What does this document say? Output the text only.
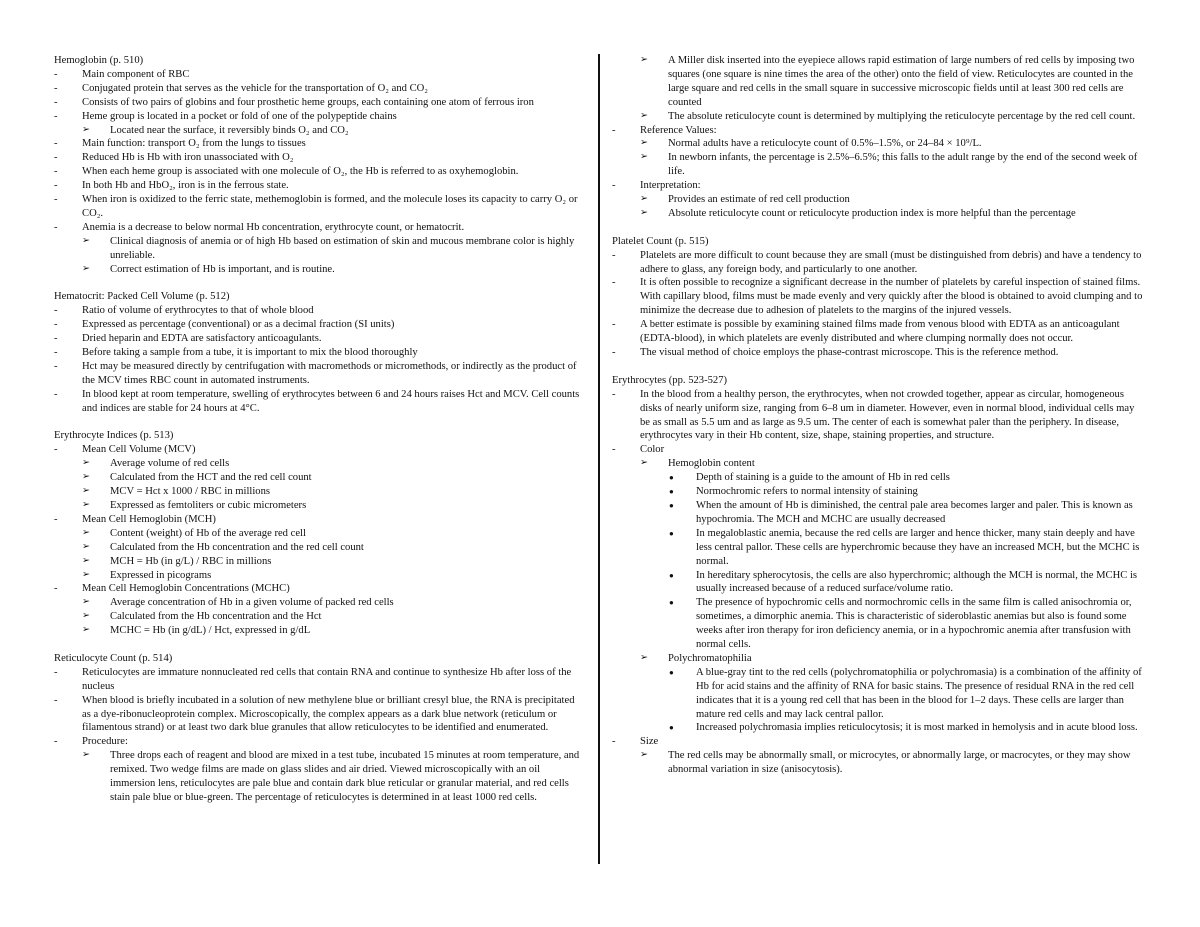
Hemoglobin (p. 510)
- Main component of RBC
- Conjugated protein that serves as the vehicle for the transportation of O₂ and CO₂
- Consists of two pairs of globins and four prosthetic heme groups, each containing one atom of ferrous iron
- Heme group is located in a pocket or fold of one of the polypeptide chains
➢ Located near the surface, it reversibly binds O₂ and CO₂
- Main function: transport O₂ from the lungs to tissues
- Reduced Hb is Hb with iron unassociated with O₂
- When each heme group is associated with one molecule of O₂, the Hb is referred to as oxyhemoglobin.
- In both Hb and HbO₂, iron is in the ferrous state.
- When iron is oxidized to the ferric state, methemoglobin is formed, and the molecule loses its capacity to carry O₂ or CO₂.
- Anemia is a decrease to below normal Hb concentration, erythrocyte count, or hematocrit.
➢ Clinical diagnosis of anemia or of high Hb based on estimation of skin and mucous membrane color is highly unreliable.
➢ Correct estimation of Hb is important, and is routine.
Hematocrit: Packed Cell Volume (p. 512)
- Ratio of volume of erythrocytes to that of whole blood
- Expressed as percentage (conventional) or as a decimal fraction (SI units)
- Dried heparin and EDTA are satisfactory anticoagulants.
- Before taking a sample from a tube, it is important to mix the blood thoroughly
- Hct may be measured directly by centrifugation with macromethods or micromethods, or indirectly as the product of the MCV times RBC count in automated instruments.
- In blood kept at room temperature, swelling of erythrocytes between 6 and 24 hours raises Hct and MCV. Cell counts and indices are stable for 24 hours at 4°C.
Erythrocyte Indices (p. 513)
- Mean Cell Volume (MCV)
➢ Average volume of red cells
➢ Calculated from the HCT and the red cell count
➢ MCV = Hct x 1000 / RBC in millions
➢ Expressed as femtoliters or cubic micrometers
- Mean Cell Hemoglobin (MCH)
➢ Content (weight) of Hb of the average red cell
➢ Calculated from the Hb concentration and the red cell count
➢ MCH = Hb (in g/L) / RBC in millions
➢ Expressed in picograms
- Mean Cell Hemoglobin Concentrations (MCHC)
➢ Average concentration of Hb in a given volume of packed red cells
➢ Calculated from the Hb concentration and the Hct
➢ MCHC = Hb (in g/dL) / Hct, expressed in g/dL
Reticulocyte Count (p. 514)
- Reticulocytes are immature nonnucleated red cells that contain RNA and continue to synthesize Hb after loss of the nucleus
- When blood is briefly incubated in a solution of new methylene blue or brilliant cresyl blue, the RNA is precipitated as a dye-ribonucleoprotein complex. Microscopically, the complex appears as a dark blue network (reticulum or filamentous strand) or at least two dark blue granules that allow reticulocytes to be identified and enumerated.
- Procedure:
➢ Three drops each of reagent and blood are mixed in a test tube, incubated 15 minutes at room temperature, and remixed. Two wedge films are made on glass slides and air dried. Viewed microscopically with an oil immersion lens, reticulocytes are pale blue and contain dark blue reticular or granular material, and red cells stain pale blue or blue-green. The percentage of reticulocytes is determined in at least 1000 red cells.
➢ A Miller disk inserted into the eyepiece allows rapid estimation of large numbers of red cells by imposing two squares (one square is nine times the area of the other) onto the field of view. Reticulocytes are counted in the large square and red cells in the small square in successive microscopic fields until at least 300 red cells are counted
➢ The absolute reticulocyte count is determined by multiplying the reticulocyte percentage by the red cell count.
- Reference Values:
➢ Normal adults have a reticulocyte count of 0.5%–1.5%, or 24–84 × 10⁹/L.
➢ In newborn infants, the percentage is 2.5%–6.5%; this falls to the adult range by the end of the second week of life.
- Interpretation:
➢ Provides an estimate of red cell production
➢ Absolute reticulocyte count or reticulocyte production index is more helpful than the percentage
Platelet Count (p. 515)
- Platelets are more difficult to count because they are small (must be distinguished from debris) and have a tendency to adhere to glass, any foreign body, and particularly to one another.
- It is often possible to recognize a significant decrease in the number of platelets by careful inspection of stained films. With capillary blood, films must be made evenly and very quickly after the blood is obtained to avoid clumping and to minimize the decrease due to adhesion of platelets to the margins of the injured vessels.
- A better estimate is possible by examining stained films made from venous blood with EDTA as an anticoagulant (EDTA-blood), in which platelets are evenly distributed and where clumping normally does not occur.
- The visual method of choice employs the phase-contrast microscope. This is the reference method.
Erythrocytes (pp. 523-527)
- In the blood from a healthy person, the erythrocytes, when not crowded together, appear as circular, homogeneous disks of nearly uniform size, ranging from 6–8 um in diameter. However, even in normal blood, individual cells may be as small as 5.5 um and as large as 9.5 um. The center of each is somewhat paler than the periphery. In disease, erythrocytes vary in their Hb content, size, shape, staining properties, and structure.
- Color
➢ Hemoglobin content
● Depth of staining is a guide to the amount of Hb in red cells
● Normochromic refers to normal intensity of staining
● When the amount of Hb is diminished, the central pale area becomes larger and paler. This is known as hypochromia. The MCH and MCHC are usually decreased
● In megaloblastic anemia, because the red cells are larger and hence thicker, many stain deeply and have less central pallor. These cells are hyperchromic because they have an increased MCH, but the MCHC is normal.
● In hereditary spherocytosis, the cells are also hyperchromic; although the MCH is normal, the MCHC is usually increased because of a reduced surface/volume ratio.
● The presence of hypochromic cells and normochromic cells in the same film is called anisochromia or, sometimes, a dimorphic anemia. This is characteristic of sideroblastic anemias but also is found some weeks after iron therapy for iron deficiency anemia, or in a hypochromic anemia after transfusion with normal cells.
➢ Polychromatophilia
● A blue-gray tint to the red cells (polychromatophilia or polychromasia) is a combination of the affinity of Hb for acid stains and the affinity of RNA for basic stains. The presence of residual RNA in the red cell indicates that it is a young red cell that has been in the blood for 1–2 days. These cells are larger than mature red cells and may lack central pallor.
● Increased polychromasia implies reticulocytosis; it is most marked in hemolysis and in acute blood loss.
- Size
➢ The red cells may be abnormally small, or microcytes, or abnormally large, or macrocytes, or they may show abnormal variation in size (anisocytosis).
